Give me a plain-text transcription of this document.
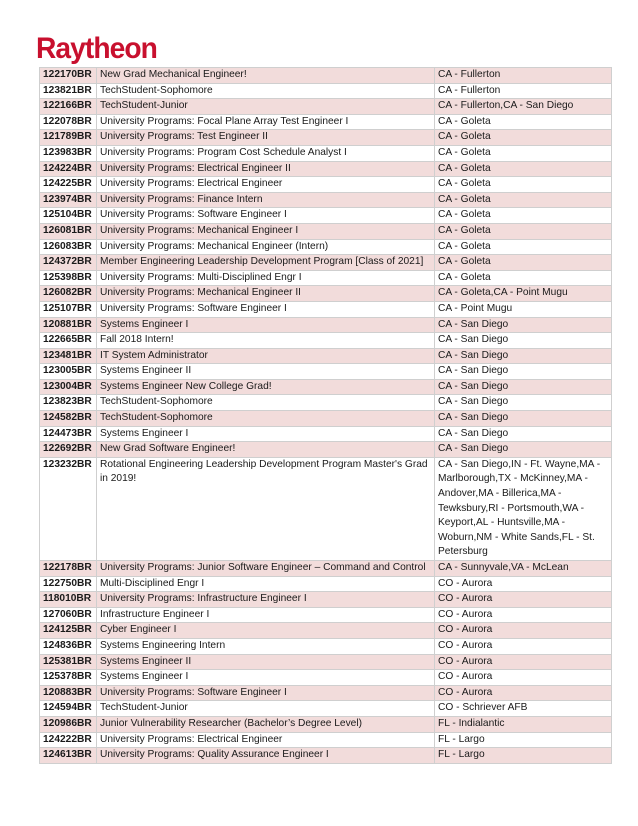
Raytheon
122170BR	New Grad Mechanical Engineer!	CA - Fullerton
123821BR	TechStudent-Sophomore	CA - Fullerton
122166BR	TechStudent-Junior	CA - Fullerton,CA - San Diego
122078BR	University Programs: Focal Plane Array Test Engineer I	CA - Goleta
121789BR	University Programs: Test Engineer II	CA - Goleta
123983BR	University Programs: Program Cost Schedule Analyst I	CA - Goleta
124224BR	University Programs: Electrical Engineer II	CA - Goleta
124225BR	University Programs: Electrical Engineer	CA - Goleta
123974BR	University Programs: Finance Intern	CA - Goleta
125104BR	University Programs: Software Engineer I	CA - Goleta
126081BR	University Programs: Mechanical Engineer I	CA - Goleta
126083BR	University Programs: Mechanical Engineer (Intern)	CA - Goleta
124372BR	Member Engineering Leadership Development Program [Class of 2021]	CA - Goleta
125398BR	University Programs: Multi-Disciplined Engr I	CA - Goleta
126082BR	University Programs: Mechanical Engineer II	CA - Goleta,CA - Point Mugu
125107BR	University Programs: Software Engineer I	CA - Point Mugu
120881BR	Systems Engineer I	CA - San Diego
122665BR	Fall 2018 Intern!	CA - San Diego
123481BR	IT System Administrator	CA - San Diego
123005BR	Systems Engineer II	CA - San Diego
123004BR	Systems Engineer New College Grad!	CA - San Diego
123823BR	TechStudent-Sophomore	CA - San Diego
124582BR	TechStudent-Sophomore	CA - San Diego
124473BR	Systems Engineer I	CA - San Diego
122692BR	New Grad Software Engineer!	CA - San Diego
123232BR	Rotational Engineering Leadership Development Program Master's Grad in 2019!	CA - San Diego,IN - Ft. Wayne,MA - Marlborough,TX - McKinney,MA - Andover,MA - Billerica,MA - Tewksbury,RI - Portsmouth,WA - Keyport,AL - Huntsville,MA - Woburn,NM - White Sands,FL - St. Petersburg
122178BR	University Programs: Junior Software Engineer – Command and Control	CA - Sunnyvale,VA - McLean
122750BR	Multi-Disciplined Engr I	CO - Aurora
118010BR	University Programs: Infrastructure Engineer I	CO - Aurora
127060BR	Infrastructure Engineer I	CO - Aurora
124125BR	Cyber Engineer I	CO - Aurora
124836BR	Systems Engineering Intern	CO - Aurora
125381BR	Systems Engineer II	CO - Aurora
125378BR	Systems Engineer I	CO - Aurora
120883BR	University Programs: Software Engineer I	CO - Aurora
124594BR	TechStudent-Junior	CO - Schriever AFB
120986BR	Junior Vulnerability Researcher (Bachelor’s Degree Level)	FL - Indialantic
124222BR	University Programs: Electrical Engineer	FL - Largo
124613BR	University Programs: Quality Assurance Engineer I	FL - Largo
